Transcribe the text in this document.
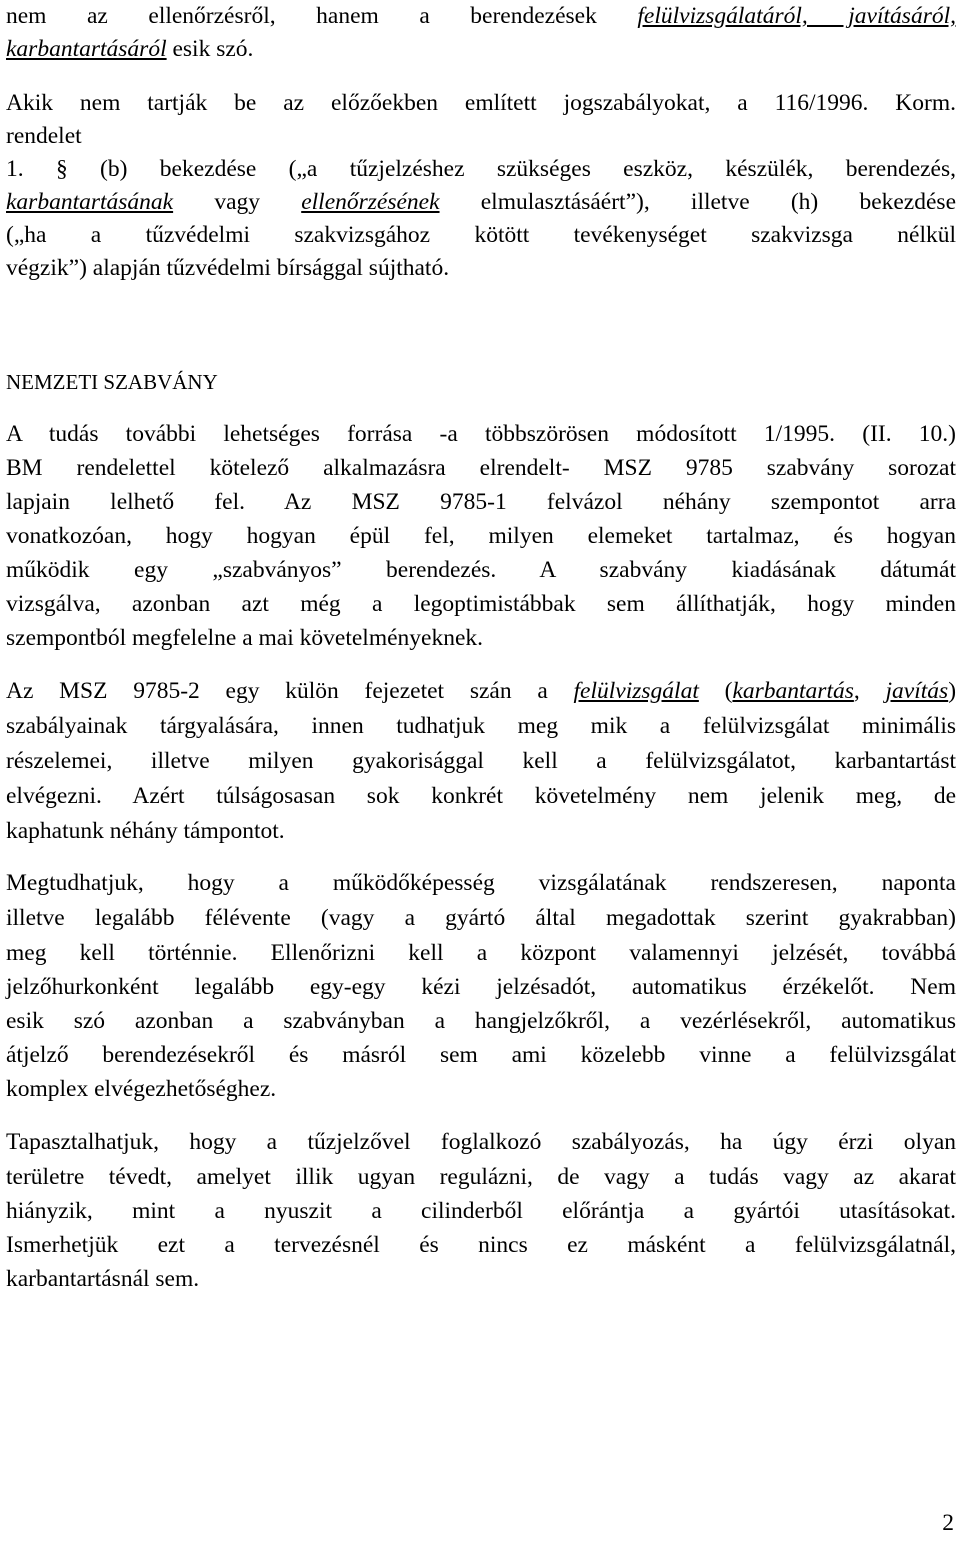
nem az ellenőrzésről, hanem a berendezések felülvizsgálatáról, javításáról,
karbantartásáról esik szó.
Akik nem tartják be az előzőekben említett jogszabályokat, a 116/1996. Korm.
rendelet
1. § (b) bekezdése („a tűzjelzéshez szükséges eszköz, készülék, berendezés,
karbantartásának vagy ellenőrzésének elmulasztásáért”), illetve (h) bekezdése
(„ha a tűzvédelmi szakvizsgához kötött tevékenységet szakvizsga nélkül
végzik”) alapján tűzvédelmi bírsággal sújtható.
NEMZETI SZABVÁNY
A tudás további lehetséges forrása -a többszörösen módosított 1/1995. (II. 10.)
BM rendelettel kötelező alkalmazásra elrendelt- MSZ 9785 szabvány sorozat
lapjain lelhető fel. Az MSZ 9785-1 felvázol néhány szempontot arra
vonatkozóan, hogy hogyan épül fel, milyen elemeket tartalmaz, és hogyan
működik egy „szabványos” berendezés. A szabvány kiadásának dátumát
vizsgálva, azonban azt még a legoptimistábbak sem állíthatják, hogy minden
szempontból megfelelne a mai követelményeknek.
Az MSZ 9785-2 egy külön fejezetet szán a felülvizsgálat (karbantartás, javítás)
szabályainak tárgyalására, innen tudhatjuk meg mik a felülvizsgálat minimális
részelemei, illetve milyen gyakorisággal kell a felülvizsgálatot, karbantartást
elvégezni. Azért túlságosasan sok konkrét követelmény nem jelenik meg, de
kaphatunk néhány támpontot.
Megtudhatjuk, hogy a működőképesség vizsgálatának rendszeresen, naponta
illetve legalább félévente (vagy a gyártó által megadottak szerint gyakrabban)
meg kell történnie. Ellenőrizni kell a központ valamennyi jelzését, továbbá
jelzőhurkonként legalább egy-egy kézi jelzésadót, automatikus érzékelőt. Nem
esik szó azonban a szabványban a hangjelzőkről, a vezérlésekről, automatikus
átjelző berendezésekről és másról sem ami közelebb vinne a felülvizsgálat
komplex elvégezhetőséghez.
Tapasztalhatjuk, hogy a tűzjelzővel foglalkozó szabályozás, ha úgy érzi olyan
területre tévedt, amelyet illik ugyan regulázni, de vagy a tudás vagy az akarat
hiányzik, mint a nyuszit a cilinderből előrántja a gyártói utasításokat.
Ismerhetjük ezt a tervezésnél és nincs ez másként a felülvizsgálatnál,
karbantartásnál sem.
2
